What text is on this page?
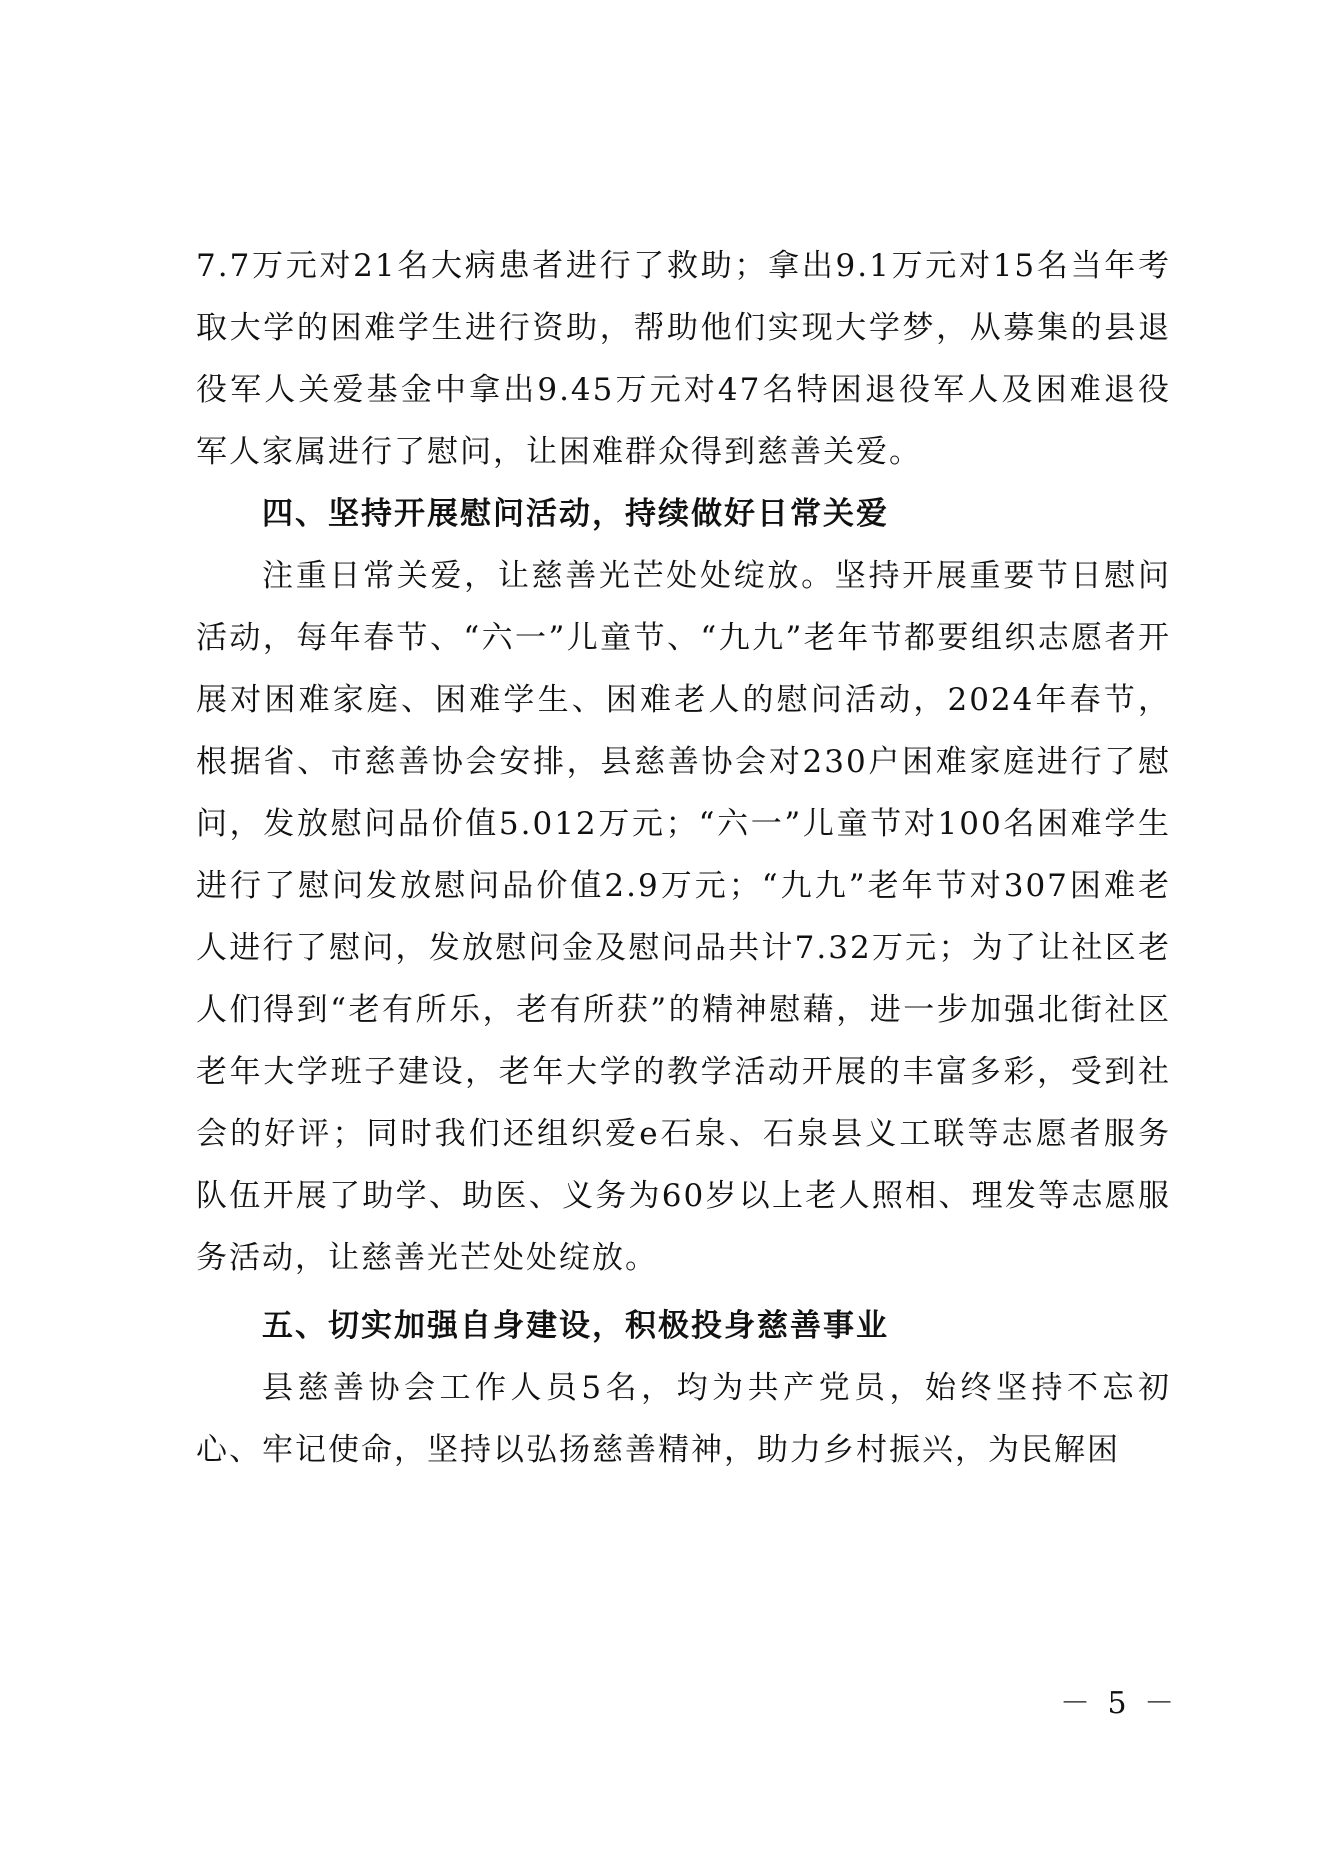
7.7万元对21名大病患者进行了救助；拿出9.1万元对15名当年考取大学的困难学生进行资助，帮助他们实现大学梦，从募集的县退役军人关爱基金中拿出9.45万元对47名特困退役军人及困难退役军人家属进行了慰问，让困难群众得到慈善关爱。

四、坚持开展慰问活动，持续做好日常关爱

注重日常关爱，让慈善光芒处处绽放。坚持开展重要节日慰问活动，每年春节、“六一”儿童节、“九九”老年节都要组织志愿者开展对困难家庭、困难学生、困难老人的慰问活动，2024年春节，根据省、市慈善协会安排，县慈善协会对230户困难家庭进行了慰问，发放慰问品价值5.012万元；“六一”儿童节对100名困难学生进行了慰问发放慰问品价值2.9万元；“九九”老年节对307困难老人进行了慰问，发放慰问金及慰问品共计7.32万元；为了让社区老人们得到“老有所乐，老有所获”的精神慰藉，进一步加强北街社区老年大学班子建设，老年大学的教学活动开展的丰富多彩，受到社会的好评；同时我们还组织爱e石泉、石泉县义工联等志愿者服务队伍开展了助学、助医、义务为60岁以上老人照相、理发等志愿服务活动，让慈善光芒处处绽放。

五、切实加强自身建设，积极投身慈善事业

县慈善协会工作人员5名，均为共产党员，始终坚持不忘初心、牢记使命，坚持以弘扬慈善精神，助力乡村振兴，为民解困

－ 5 －
